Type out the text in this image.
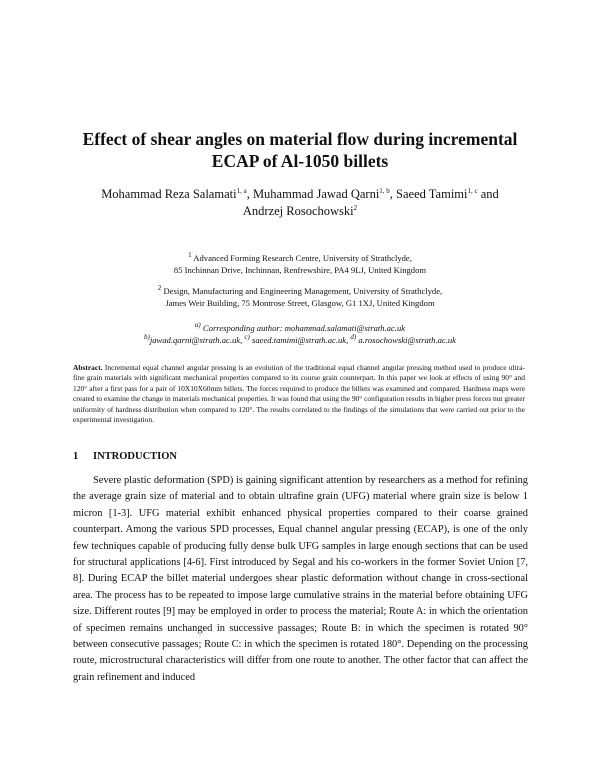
Effect of shear angles on material flow during incremental
ECAP of Al-1050 billets
Mohammad Reza Salamati$^{1, a}$, Muhammad Jawad Qarni$^{1, b}$, Saeed Tamimi$^{1, c}$ and
Andrzej Rosochowski$^2$
$^1$ Advanced Forming Research Centre, University of Strathclyde,
85 Inchinnan Drive, Inchinnan, Renfrewshire, PA4 9LJ, United Kingdom
$^2$ Design, Manufacturing and Engineering Management, University of Strathclyde,
James Weir Building, 75 Montrose Street, Glasgow, G1 1XJ, United Kingdom
$^{a)}$ Corresponding author: mohammad.salamati@strath.ac.uk
$^{b)}$jawad.qarni@strath.ac.uk, $^{c)}$ saeed.tamimi@strath.ac.uk, $^{d)}$ a.rosochowski@strath.ac.uk
Abstract. Incremental equal channel angular pressing is an evolution of the traditional equal channel angular pressing method used to produce ultra-fine grain materials with significant mechanical properties compared to its course grain counterpart. In this paper we look at effects of using 90° and 120° after a first pass for a pair of 10X10X60mm billets. The forces required to produce the billets was examined and compared. Hardness maps were created to examine the change in materials mechanical properties. It was found that using the 90° configuration results in higher press forces nut greater uniformity of hardness distribution when compared to 120°. The results correlated to the findings of the simulations that were carried out prior to the experimental investigation.
1 INTRODUCTION
Severe plastic deformation (SPD) is gaining significant attention by researchers as a method for refining the average grain size of material and to obtain ultrafine grain (UFG) material where grain size is below 1 micron [1-3]. UFG material exhibit enhanced physical properties compared to their coarse grained counterpart. Among the various SPD processes, Equal channel angular pressing (ECAP), is one of the only few techniques capable of producing fully dense bulk UFG samples in large enough sections that can be used for structural applications [4-6]. First introduced by Segal and his co-workers in the former Soviet Union [7, 8]. During ECAP the billet material undergoes shear plastic deformation without change in cross-sectional area. The process has to be repeated to impose large cumulative strains in the material before obtaining UFG size. Different routes [9] may be employed in order to process the material; Route A: in which the orientation of specimen remains unchanged in successive passages; Route B: in which the specimen is rotated 90° between consecutive passages; Route C: in which the specimen is rotated 180°. Depending on the processing route, microstructural characteristics will differ from one route to another. The other factor that can affect the grain refinement and induced
